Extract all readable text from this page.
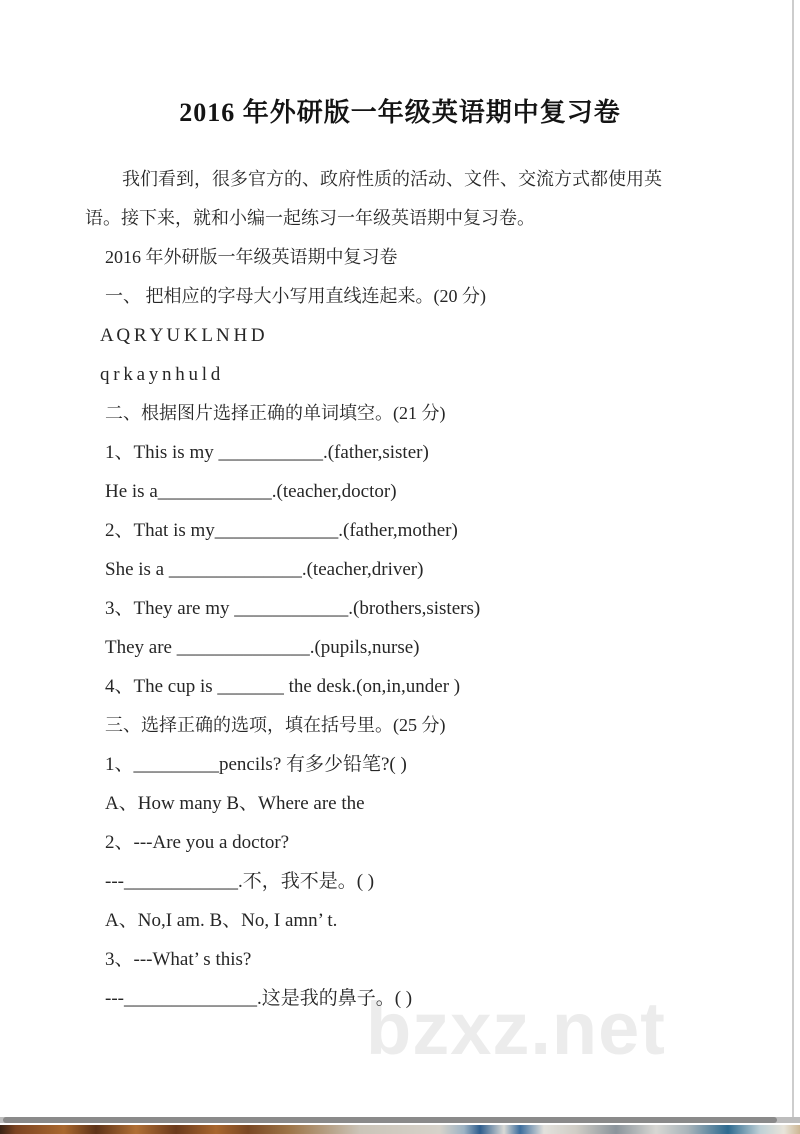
bzxz.net
2016 年外研版一年级英语期中复习卷
我们看到，很多官方的、政府性质的活动、文件、交流方式都使用英
语。接下来，就和小编一起练习一年级英语期中复习卷。
2016 年外研版一年级英语期中复习卷
一、 把相应的字母大小写用直线连起来。(20 分)
A Q R Y U K L N H D
q r k a y n h u l d
二、根据图片选择正确的单词填空。(21 分)
1、This is my ___________.(father,sister)
He is a____________.(teacher,doctor)
2、That is my_____________.(father,mother)
She is a ______________.(teacher,driver)
3、They are my ____________.(brothers,sisters)
They are ______________.(pupils,nurse)
4、The cup is _______ the desk.(on,in,under )
三、选择正确的选项，填在括号里。(25 分)
1、_________pencils? 有多少铅笔?( )
A、How many B、Where are the
2、---Are you a doctor?
---____________.不，我不是。( )
A、No,I am. B、No, I amn’ t.
3、---What’ s this?
---______________.这是我的鼻子。( )
